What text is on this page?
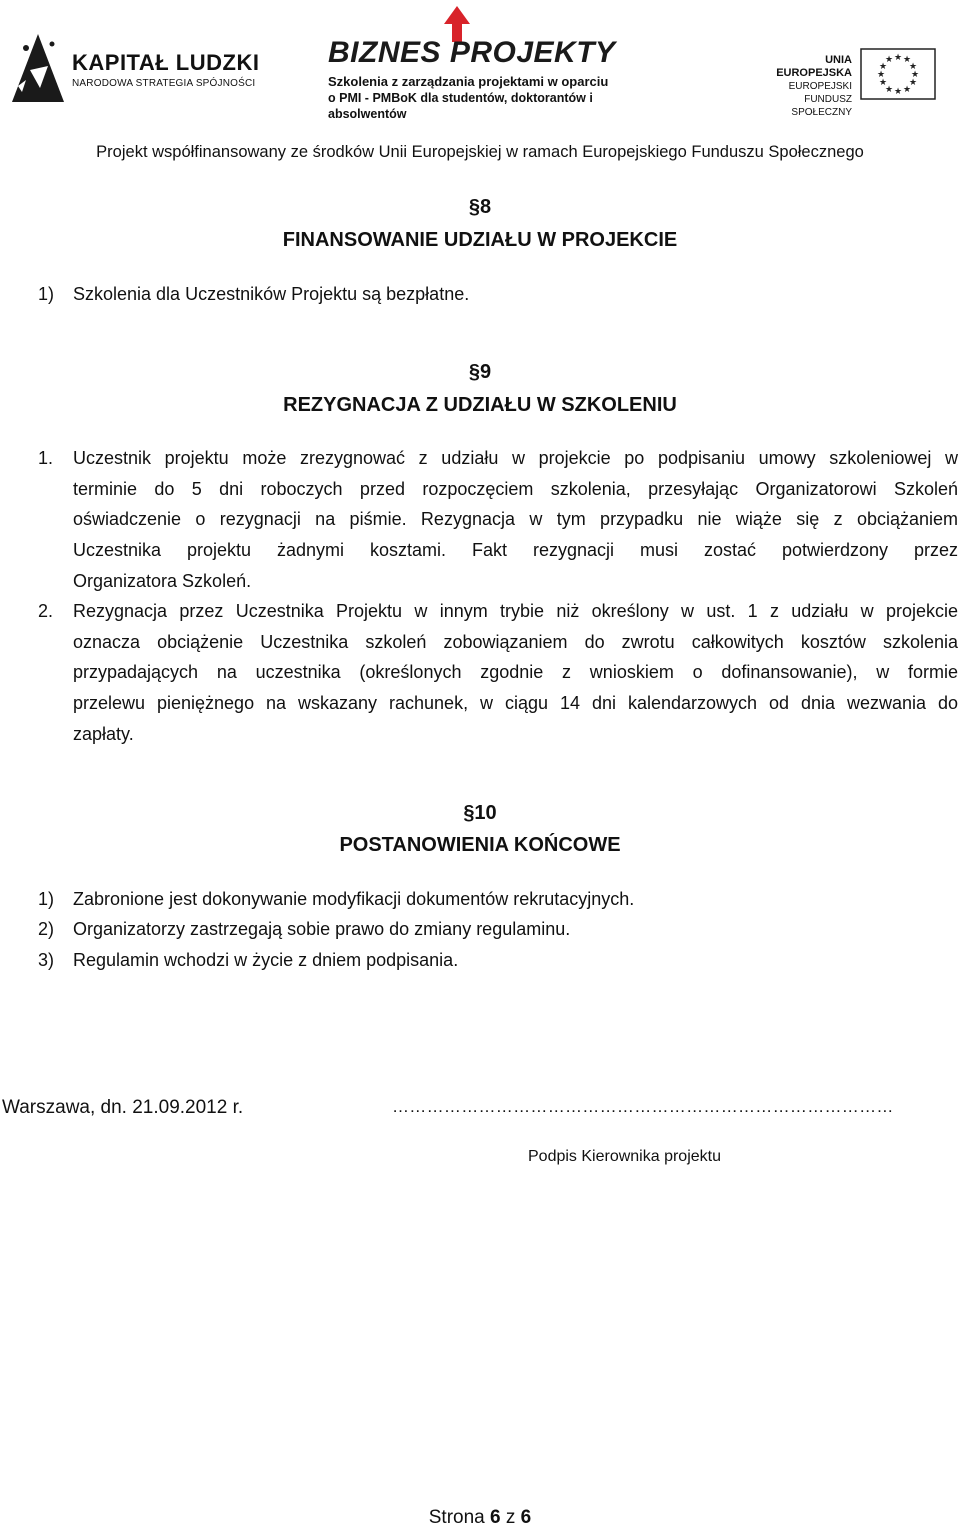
KAPITAŁ LUDZKI
NARODOWA STRATEGIA SPÓJNOŚCI
BIZNES PROJEKTY
Szkolenia z zarządzania projektami w oparciu
o PMI - PMBoK dla studentów, doktorantów i absolwentów
UNIA EUROPEJSKA
EUROPEJSKI
FUNDUSZ SPOŁECZNY
★ ★
★
★
★
★
★
★
★
★
★
★
Projekt współfinansowany ze środków Unii Europejskiej w ramach Europejskiego Funduszu Społecznego
§8
FINANSOWANIE UDZIAŁU W PROJEKCIE
1) Szkolenia dla Uczestników Projektu są bezpłatne.
§9
REZYGNACJA Z UDZIAŁU W SZKOLENIU
1. Uczestnik projektu może zrezygnować z udziału w projekcie po podpisaniu umowy szkoleniowej w
terminie do 5 dni roboczych przed rozpoczęciem szkolenia, przesyłając Organizatorowi Szkoleń
oświadczenie o rezygnacji na piśmie. Rezygnacja w tym przypadku nie wiąże się z obciążaniem
Uczestnika projektu żadnymi kosztami. Fakt rezygnacji musi zostać potwierdzony przez
Organizatora Szkoleń.
2. Rezygnacja przez Uczestnika Projektu w innym trybie niż określony w ust. 1 z udziału w projekcie
oznacza obciążenie Uczestnika szkoleń zobowiązaniem do zwrotu całkowitych kosztów szkolenia
przypadających na uczestnika (określonych zgodnie z wnioskiem o dofinansowanie), w formie
przelewu pieniężnego na wskazany rachunek, w ciągu 14 dni kalendarzowych od dnia wezwania do
zapłaty.
§10
POSTANOWIENIA KOŃCOWE
1) Zabronione jest dokonywanie modyfikacji dokumentów rekrutacyjnych.
2) Organizatorzy zastrzegają sobie prawo do zmiany regulaminu.
3) Regulamin wchodzi w życie z dniem podpisania.
Warszawa, dn. 21.09.2012 r.	……………………………………………………………………………
Podpis Kierownika projektu
Strona 6 z 6
